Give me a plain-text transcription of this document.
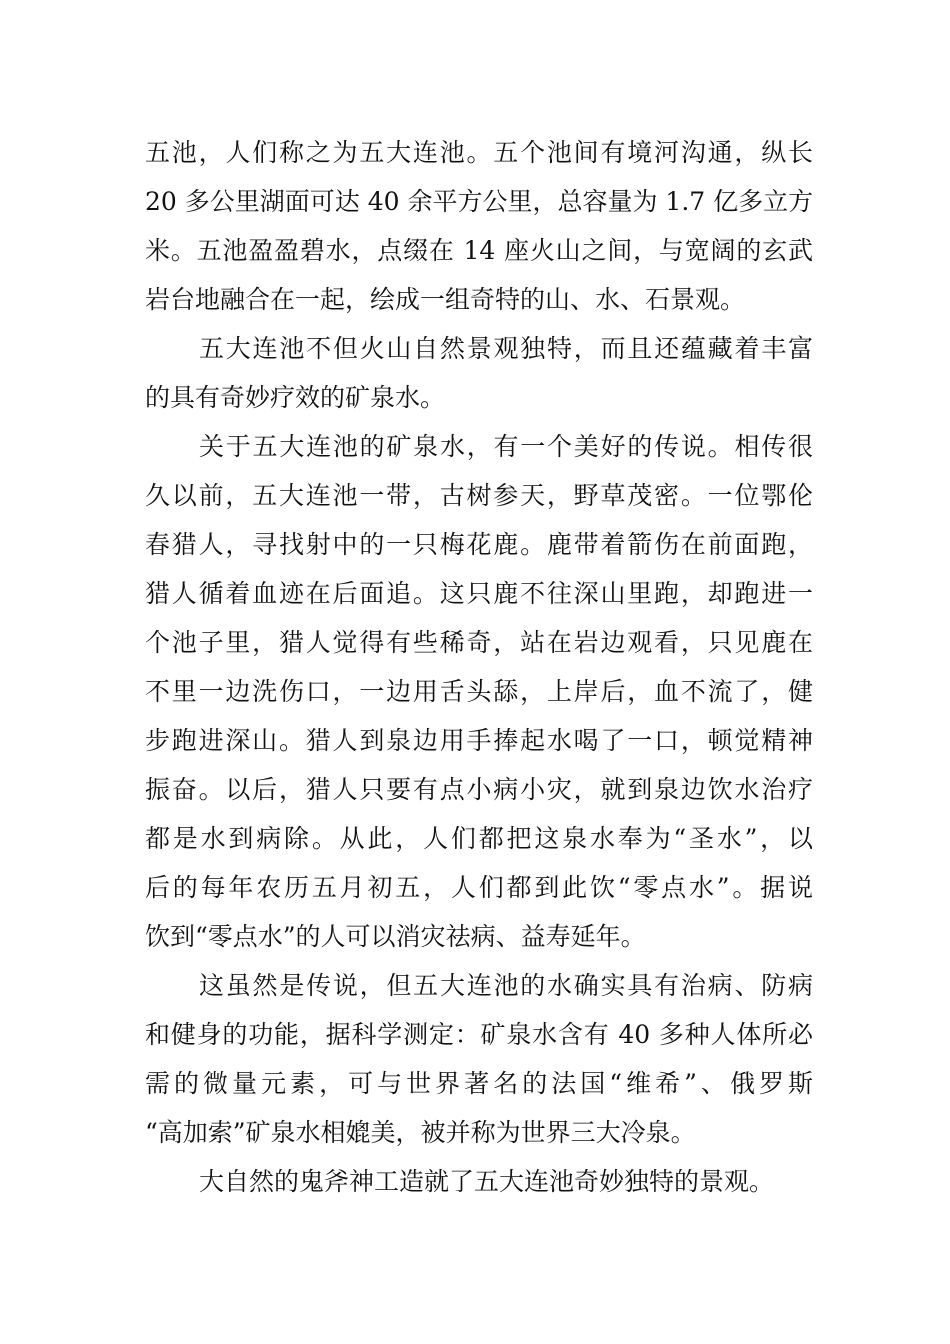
五池，人们称之为五大连池。五个池间有境河沟通，纵长
20 多公里湖面可达 40 余平方公里，总容量为 1.7 亿多立方
米。五池盈盈碧水，点缀在 14 座火山之间，与宽阔的玄武
岩台地融合在一起，绘成一组奇特的山、水、石景观。
五大连池不但火山自然景观独特，而且还蕴藏着丰富
的具有奇妙疗效的矿泉水。
关于五大连池的矿泉水，有一个美好的传说。相传很
久以前，五大连池一带，古树参天，野草茂密。一位鄂伦
春猎人，寻找射中的一只梅花鹿。鹿带着箭伤在前面跑，
猎人循着血迹在后面追。这只鹿不往深山里跑，却跑进一
个池子里，猎人觉得有些稀奇，站在岩边观看，只见鹿在
不里一边洗伤口，一边用舌头舔，上岸后，血不流了，健
步跑进深山。猎人到泉边用手捧起水喝了一口，顿觉精神
振奋。以后，猎人只要有点小病小灾，就到泉边饮水治疗
都是水到病除。从此，人们都把这泉水奉为“圣水”，以
后的每年农历五月初五，人们都到此饮“零点水”。据说
饮到“零点水”的人可以消灾祛病、益寿延年。
这虽然是传说，但五大连池的水确实具有治病、防病
和健身的功能，据科学测定：矿泉水含有 40 多种人体所必
需的微量元素，可与世界著名的法国“维希”、俄罗斯
“高加索”矿泉水相媲美，被并称为世界三大冷泉。
大自然的鬼斧神工造就了五大连池奇妙独特的景观。
